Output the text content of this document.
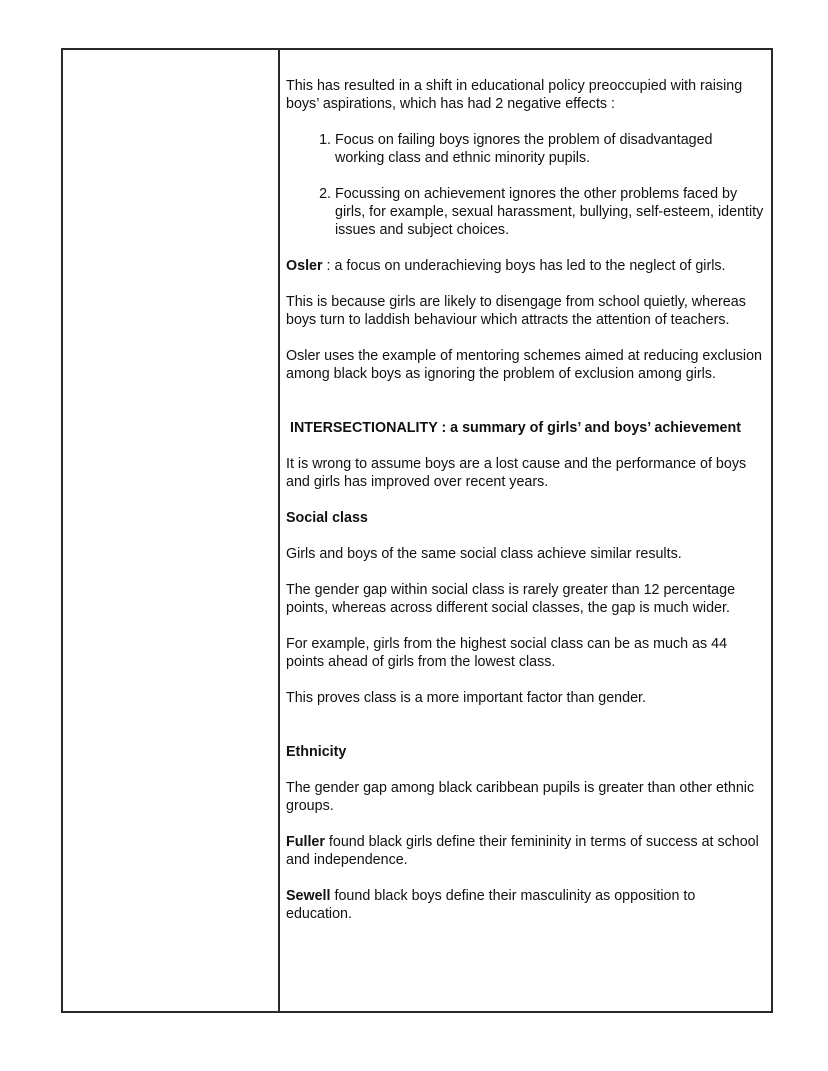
This has resulted in a shift in educational policy preoccupied with raising boys’ aspirations, which has had 2 negative effects :

1. Focus on failing boys ignores the problem of disadvantaged working class and ethnic minority pupils.
2. Focussing on achievement ignores the other problems faced by girls, for example, sexual harassment, bullying, self-esteem, identity issues and subject choices.

Osler : a focus on underachieving boys has led to the neglect of girls.

This is because girls are likely to disengage from school quietly, whereas boys turn to laddish behaviour which attracts the attention of teachers.

Osler uses the example of mentoring schemes aimed at reducing exclusion among black boys as ignoring the problem of exclusion among girls.

INTERSECTIONALITY : a summary of girls’ and boys’ achievement

It is wrong to assume boys are a lost cause and the performance of boys and girls has improved over recent years.

Social class

Girls and boys of the same social class achieve similar results.

The gender gap within social class is rarely greater than 12 percentage points, whereas across different social classes, the gap is much wider.

For example, girls from the highest social class can be as much as 44 points ahead of girls from the lowest class.

This proves class is a more important factor than gender.

Ethnicity

The gender gap among black caribbean pupils is greater than other ethnic groups.

Fuller found black girls define their femininity in terms of success at school and independence.

Sewell found black boys define their masculinity as opposition to education.
